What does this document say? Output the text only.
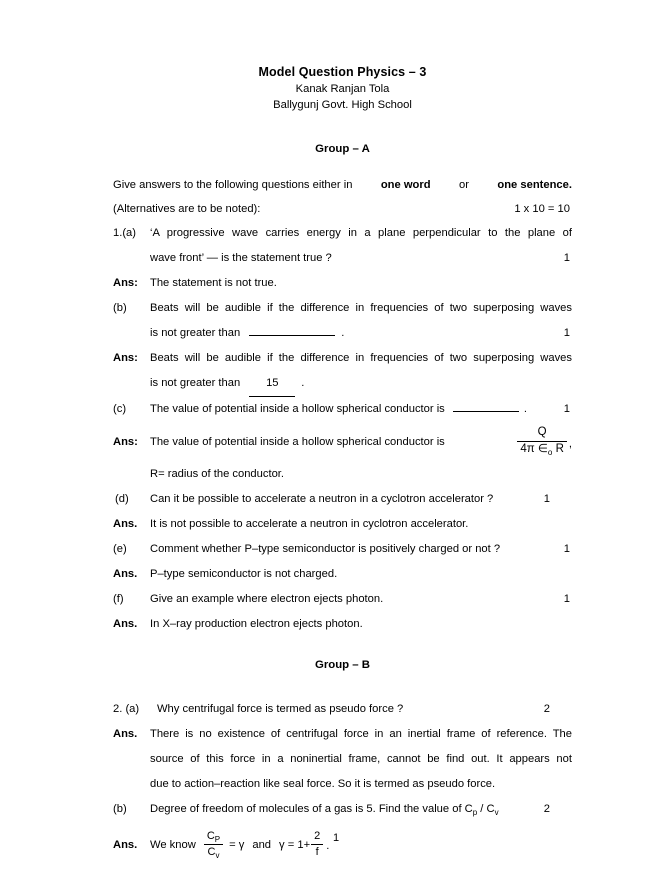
Model Question Physics – 3

Kanak Ranjan Tola

Ballygunj Govt. High School

Group – A

Give answers to the following questions either in	one word	or	one sentence.

(Alternatives are to be noted):	1 x 10 = 10
1.(a)	‘A progressive wave carries energy in a plane perpendicular to the plane of

wave front’ — is the statement true ?	1

Ans:	The statement is not true.

(b)	Beats will be audible if the difference in frequencies of two superposing waves

is not greater than	.	1

Ans:	Beats will be audible if the difference in frequencies of two superposing waves

is not greater than 15 .

(c)	The value of potential inside a hollow spherical conductor is	.	1

Ans:	The value of potential inside a hollow spherical conductor is	$\frac{Q}{4\pi \in_o R}$ ,

R= radius of the conductor.

(d)	Can it be possible to accelerate a neutron in a cyclotron accelerator ?	1
Ans.	It is not possible to accelerate a neutron in cyclotron accelerator.

(e)	Comment whether P–type semiconductor is positively charged or not ?	1
Ans.	P–type semiconductor is not charged.

(f)	Give an example where electron ejects photon.	1
Ans.	In X–ray production electron ejects photon.

Group – B

2. (a)	Why centrifugal force is termed as pseudo force ?	2
Ans.	There is no existence of centrifugal force in an inertial frame of reference. The

source of this force in a noninertial frame, cannot be find out. It appears not

due to action–reaction like seal force. So it is termed as pseudo force.

(b)	Degree of freedom of molecules of a gas is 5. Find the value of $C_p / C_v$	2
Ans.	We know $\frac{C_P}{C_v} = \gamma$ and $\gamma = 1+ \frac{2}{f}$ .
1
